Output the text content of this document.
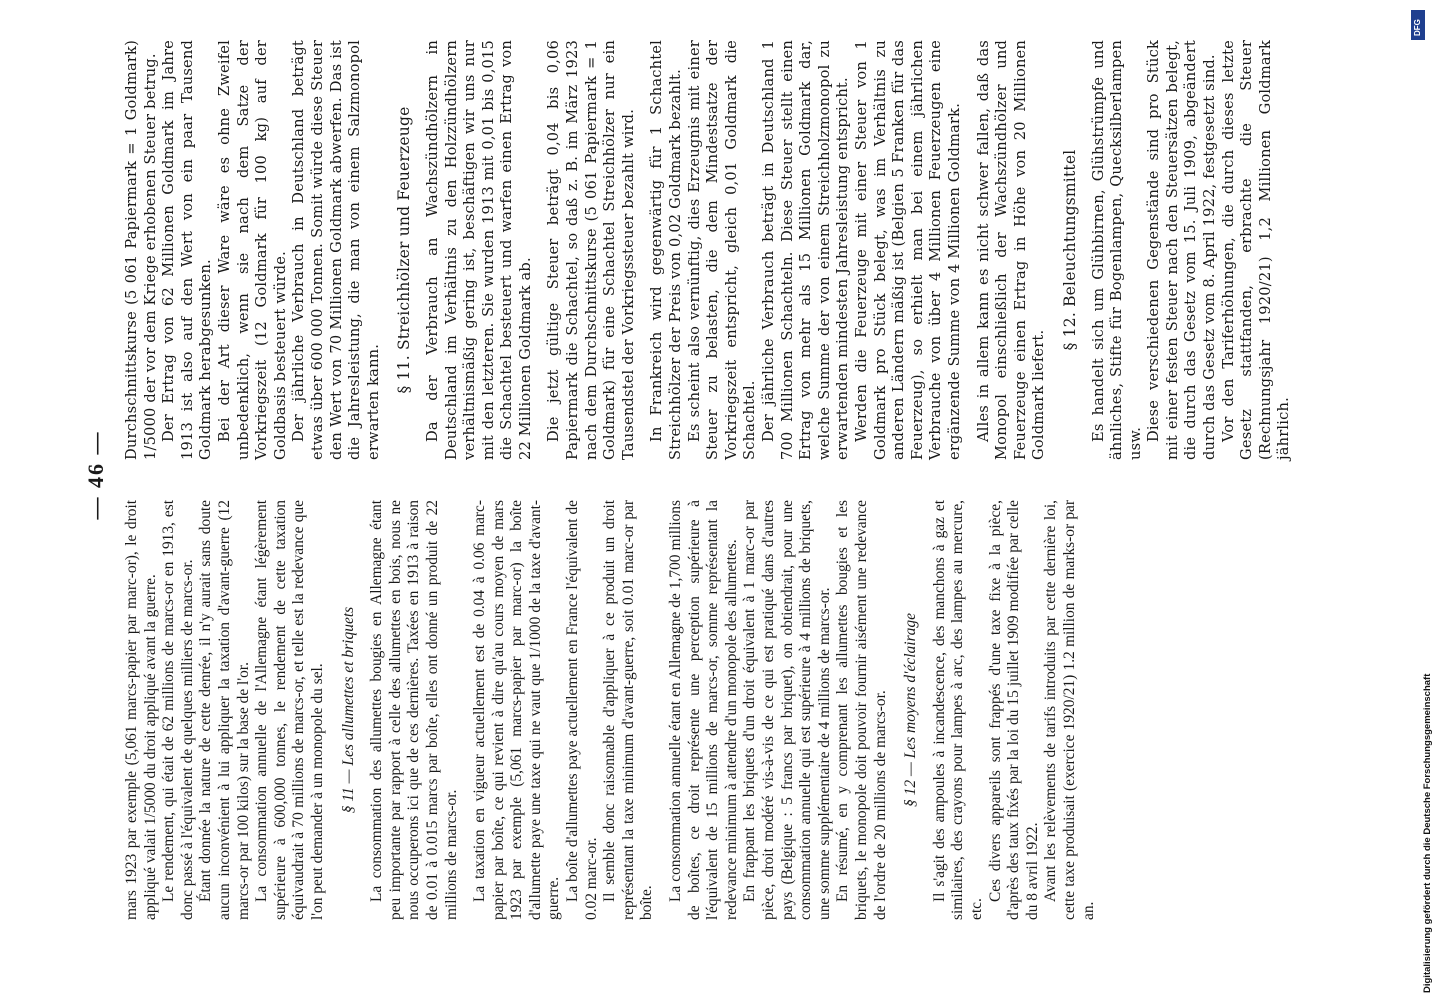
— 46 —

mars 1923 par exemple (5,061 marcs-papier par marc-or), le droit appliqué valait 1/5000 du droit appliqué avant la guerre. Le rendement, qui était de 62 millions de marcs-or en 1913, est donc passé à l'équivalent de quelques milliers de marcs-or. Étant donnée la nature de cette denrée, il n'y aurait sans doute aucun inconvénient à lui appliquer la taxation d'avant-guerre (12 marcs-or par 100 kilos) sur la base de l'or. La consommation annuelle de l'Allemagne étant légèrement supérieure à 600,000 tonnes, le rendement de cette taxation équivaudrait à 70 millions de marcs-or, et telle est la redevance que l'on peut demander à un monopole du sel. § 11 — Les allumettes et briquets La consommation des allumettes bougies en Allemagne étant peu importante par rapport à celle des allumettes en bois, nous ne nous occuperons ici que de ces dernières. Taxées en 1913 à raison de 0.01 à 0.015 marcs par boîte, elles ont donné un produit de 22 millions de marcs-or. La taxation en vigueur actuellement est de 0.04 à 0.06 marc-papier par boîte, ce qui revient à dire qu'au cours moyen de mars 1923 par exemple (5,061 marcs-papier par marc-or) la boîte d'allumette paye une taxe qui ne vaut que 1/1000 de la taxe d'avant-guerre. La boîte d'allumettes paye actuellement en France l'équivalent de 0.02 marc-or. Il semble donc raisonnable d'appliquer à ce produit un droit représentant la taxe minimum d'avant-guerre, soit 0.01 marc-or par boîte.

La consommation annuelle étant en Allemagne de 1,700 millions de boîtes, ce droit représente une perception supérieure à l'équivalent de 15 millions de marcs-or, somme représentant la redevance minimum à attendre d'un monopole des allumettes. En frappant les briquets d'un droit équivalent à 1 marc-or par pièce, droit modéré vis-à-vis de ce qui est pratiqué dans d'autres pays (Belgique : 5 francs par briquet), on obtiendrait, pour une consommation annuelle qui est supérieure à 4 millions de briquets, une somme supplémentaire de 4 millions de marcs-or. En résumé, en y comprenant les allumettes bougies et les briquets, le monopole doit pouvoir fournir aisément une redevance de l'ordre de 20 millions de marcs-or. § 12 — Les moyens d'éclairage Il s'agit des ampoules à incandescence, des manchons à gaz et similaires, des crayons pour lampes à arc, des lampes au mercure, etc.

Ces divers appareils sont frappés d'une taxe fixe à la pièce, d'après des taux fixés par la loi du 15 juillet 1909 modifiée par celle du 8 avril 1922. Avant les relèvements de tarifs introduits par cette dernière loi, cette taxe produisait (exercice 1920/21) 1.2 million de marks-or par an.

Durchschnittskurse (5 061 Papiermark = 1 Goldmark) 1/5000 der vor dem Kriege erhobenen Steuer betrug. Der Ertrag von 62 Millionen Goldmark im Jahre 1913 ist also auf den Wert von ein paar Tausend Goldmark herabgesunken. Bei der Art dieser Ware wäre es ohne Zweifel unbedenklich, wenn sie nach dem Satze der Vorkriegszeit (12 Goldmark für 100 kg) auf der Goldbasis besteuert würde. Der jährliche Verbrauch in Deutschland beträgt etwas über 600 000 Tonnen. Somit würde diese Steuer den Wert von 70 Millionen Goldmark abwerfen. Das ist die Jahresleistung, die man von einem Salzmonopol erwarten kann.

§ 11. Streichhölzer und Feuerzeuge Da der Verbrauch an Wachszündhölzern in Deutschland im Verhältnis zu den Holzzündhölzern verhältnismäßig gering ist, beschäftigen wir uns nur mit den letzteren. Sie wurden 1913 mit 0,01 bis 0,015 die Schachtel besteuert und warfen einen Ertrag von 22 Millionen Goldmark ab. Die jetzt gültige Steuer beträgt 0,04 bis 0,06 Papiermark die Schachtel, so daß z. B. im März 1923 nach dem Durchschnittskurse (5 061 Papiermark = 1 Goldmark) für eine Schachtel Streichhölzer nur ein Tausendstel der Vorkriegssteuer bezahlt wird. In Frankreich wird gegenwärtig für 1 Schachtel Streichhölzer der Preis von 0,02 Goldmark bezahlt. Es scheint also vernünftig, dies Erzeugnis mit einer Steuer zu belasten, die dem Mindestsatze der Vorkriegszeit entspricht, gleich 0,01 Goldmark die Schachtel. Der jährliche Verbrauch beträgt in Deutschland 1 700 Millionen Schachteln. Diese Steuer stellt einen Ertrag von mehr als 15 Millionen Goldmark dar, welche Summe der von einem Streichholzmonopol zu erwartenden mindesten Jahresleistung entspricht. Werden die Feuerzeuge mit einer Steuer von 1 Goldmark pro Stück belegt, was im Verhältnis zu anderen Ländern mäßig ist (Belgien 5 Franken für das Feuerzeug), so erhielt man bei einem jährlichen Verbrauche von über 4 Millionen Feuerzeugen eine ergänzende Summe von 4 Millionen Goldmark. Alles in allem kann es nicht schwer fallen, daß das Monopol einschließlich der Wachszündhölzer und Feuerzeuge einen Ertrag in Höhe von 20 Millionen Goldmark liefert.

§ 12. Beleuchtungsmittel Es handelt sich um Glühbirnen, Glühstrümpfe und ähnliches, Stifte für Bogenlampen, Quecksilberlampen usw.

Diese verschiedenen Gegenstände sind pro Stück mit einer festen Steuer nach den Steuersätzen belegt, die durch das Gesetz vom 15. Juli 1909, abgeändert durch das Gesetz vom 8. April 1922, festgesetzt sind. Vor den Tariferhöhungen, die durch dieses letzte Gesetz stattfanden, erbrachte die Steuer (Rechnungsjahr 1920/21) 1,2 Millionen Goldmark jährlich.

DFG
Digitalisierung gefördert durch die Deutsche Forschungsgemeinschaft
